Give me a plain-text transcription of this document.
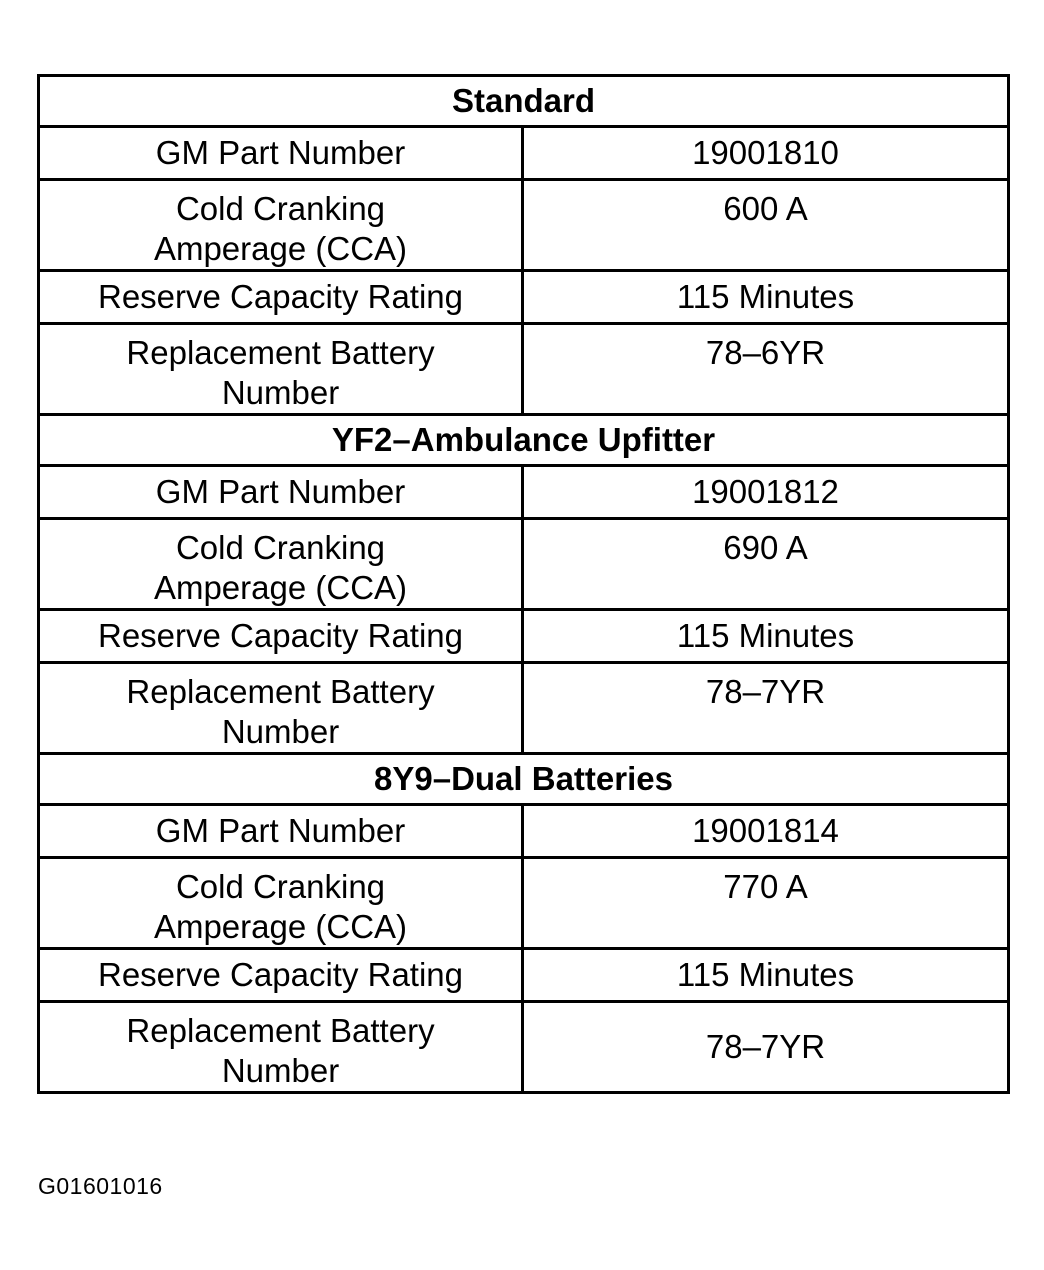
Standard	
GM Part Number	19001810
Cold Cranking
Amperage (CCA)	600 A
Reserve Capacity Rating	115 Minutes
Replacement Battery
Number	78–6YR
YF2–Ambulance Upfitter	
GM Part Number	19001812
Cold Cranking
Amperage (CCA)	690 A
Reserve Capacity Rating	115 Minutes
Replacement Battery
Number	78–7YR
8Y9–Dual Batteries	
GM Part Number	19001814
Cold Cranking
Amperage (CCA)	770 A
Reserve Capacity Rating	115 Minutes
Replacement Battery
Number	78–7YR
G01601016
